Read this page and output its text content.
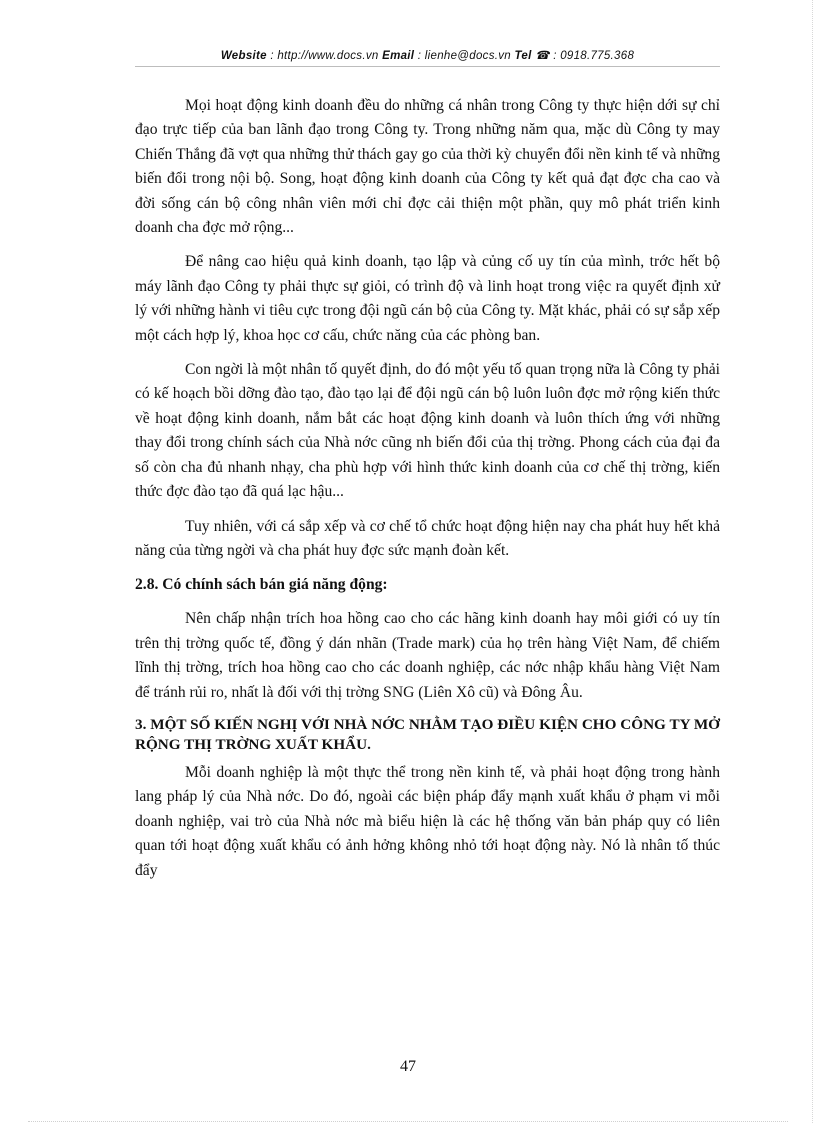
Website : http://www.docs.vn Email : lienhe@docs.vn Tel ☎ : 0918.775.368

Mọi hoạt động kinh doanh đều do những cá nhân trong Công ty thực hiện dới sự chỉ đạo trực tiếp của ban lãnh đạo trong Công ty. Trong những năm qua, mặc dù Công ty may Chiến Thắng đã vợt qua những thử thách gay go của thời kỳ chuyển đổi nền kinh tế và những biến đổi trong nội bộ. Song, hoạt động kinh doanh của Công ty kết quả đạt đợc cha cao và đời sống cán bộ công nhân viên mới chỉ đợc cải thiện một phần, quy mô phát triển kinh doanh cha đợc mở rộng...

Để nâng cao hiệu quả kinh doanh, tạo lập và củng cố uy tín của mình, trớc hết bộ máy lãnh đạo Công ty phải thực sự giỏi, có trình độ và linh hoạt trong việc ra quyết định xử lý với những hành vi tiêu cực trong đội ngũ cán bộ của Công ty. Mặt khác, phải có sự sắp xếp một cách hợp lý, khoa học cơ cấu, chức năng của các phòng ban.

Con ngời là một nhân tố quyết định, do đó một yếu tố quan trọng nữa là Công ty phải có kế hoạch bồi dỡng đào tạo, đào tạo lại để đội ngũ cán bộ luôn luôn đợc mở rộng kiến thức về hoạt động kinh doanh, nắm bắt các hoạt động kinh doanh và luôn thích ứng với những thay đổi trong chính sách của Nhà nớc cũng nh biến đổi của thị trờng. Phong cách của đại đa số còn cha đủ nhanh nhạy, cha phù hợp với hình thức kinh doanh của cơ chế thị trờng, kiến thức đợc đào tạo đã quá lạc hậu...

Tuy nhiên, với cá sắp xếp và cơ chế tổ chức hoạt động hiện nay cha phát huy hết khả năng của từng ngời và cha phát huy đợc sức mạnh đoàn kết.

2.8. Có chính sách bán giá năng động:

Nên chấp nhận trích hoa hồng cao cho các hãng kinh doanh hay môi giới có uy tín trên thị trờng quốc tế, đồng ý dán nhãn (Trade mark) của họ trên hàng Việt Nam, để chiếm lĩnh thị trờng, trích hoa hồng cao cho các doanh nghiệp, các nớc nhập khẩu hàng Việt Nam để tránh rủi ro, nhất là đối với thị trờng SNG (Liên Xô cũ) và Đông Âu.

3. MỘT SỐ KIẾN NGHỊ VỚI NHÀ NỚC NHẰM TẠO ĐIỀU KIỆN CHO CÔNG TY MỞ RỘNG THỊ TRỜNG XUẤT KHẨU.

Mỗi doanh nghiệp là một thực thể trong nền kinh tế, và phải hoạt động trong hành lang pháp lý của Nhà nớc. Do đó, ngoài các biện pháp đẩy mạnh xuất khẩu ở phạm vi mỗi doanh nghiệp, vai trò của Nhà nớc mà biểu hiện là các hệ thống văn bản pháp quy có liên quan tới hoạt động xuất khẩu có ảnh hởng không nhỏ tới hoạt động này. Nó là nhân tố thúc đẩy

47
